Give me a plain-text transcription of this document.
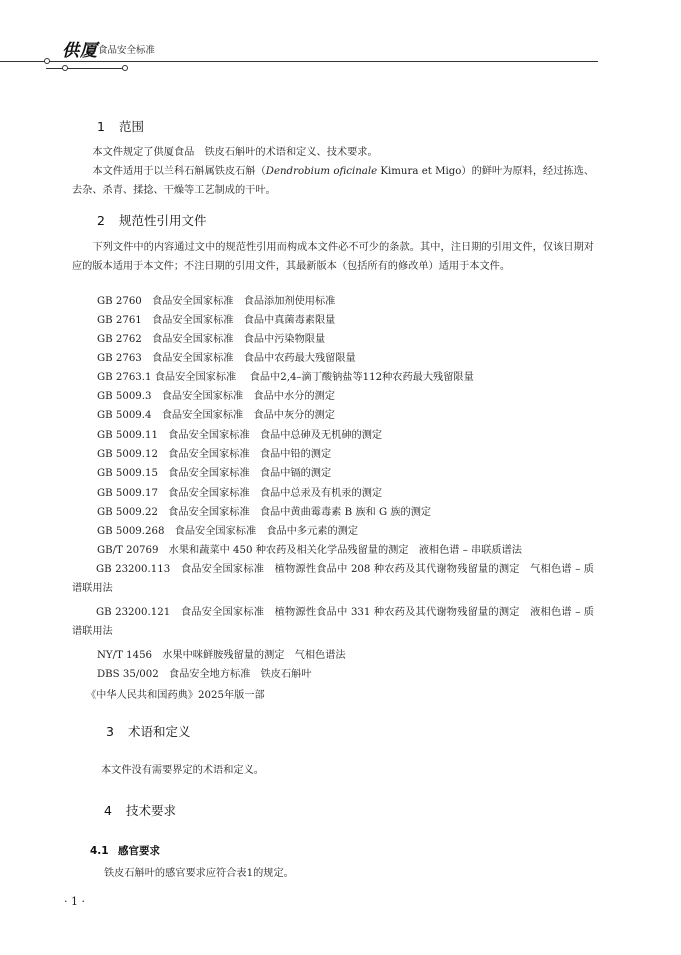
供厦 食品安全标准
1 范围
本文件规定了供厦食品　铁皮石斛叶的术语和定义、技术要求。
本文件适用于以兰科石斛属铁皮石斛（Dendrobium oficinale Kimura et Migo）的鲜叶为原料，经过拣选、去杂、杀青、揉捻、干燥等工艺制成的干叶。
2 规范性引用文件
下列文件中的内容通过文中的规范性引用而构成本文件必不可少的条款。其中，注日期的引用文件，仅该日期对应的版本适用于本文件；不注日期的引用文件，其最新版本（包括所有的修改单）适用于本文件。
GB 2760　食品安全国家标准　食品添加剂使用标准
GB 2761　食品安全国家标准　食品中真菌毒素限量
GB 2762　食品安全国家标准　食品中污染物限量
GB 2763　食品安全国家标准　食品中农药最大残留限量
GB 2763.1 食品安全国家标准　 食品中2,4–滴丁酸钠盐等112种农药最大残留限量
GB 5009.3　食品安全国家标准　食品中水分的测定
GB 5009.4　食品安全国家标准　食品中灰分的测定
GB 5009.11　食品安全国家标准　食品中总砷及无机砷的测定
GB 5009.12　食品安全国家标准　食品中铅的测定
GB 5009.15　食品安全国家标准　食品中镉的测定
GB 5009.17　食品安全国家标准　食品中总汞及有机汞的测定
GB 5009.22　食品安全国家标准　食品中黄曲霉毒素 B 族和 G 族的测定
GB 5009.268　食品安全国家标准　食品中多元素的测定
GB/T 20769　水果和蔬菜中 450 种农药及相关化学品残留量的测定　液相色谱 – 串联质谱法
GB 23200.113　食品安全国家标准　植物源性食品中 208 种农药及其代谢物残留量的测定　气相色谱 – 质谱联用法
GB 23200.121　食品安全国家标准　植物源性食品中 331 种农药及其代谢物残留量的测定　液相色谱 – 质谱联用法
NY/T 1456　水果中咪鲜胺残留量的测定　气相色谱法
DBS 35/002　食品安全地方标准　铁皮石斛叶
《中华人民共和国药典》2025年版一部
3 术语和定义
本文件没有需要界定的术语和定义。
4 技术要求
4.1 感官要求
铁皮石斛叶的感官要求应符合表1的规定。
· 1 ·
